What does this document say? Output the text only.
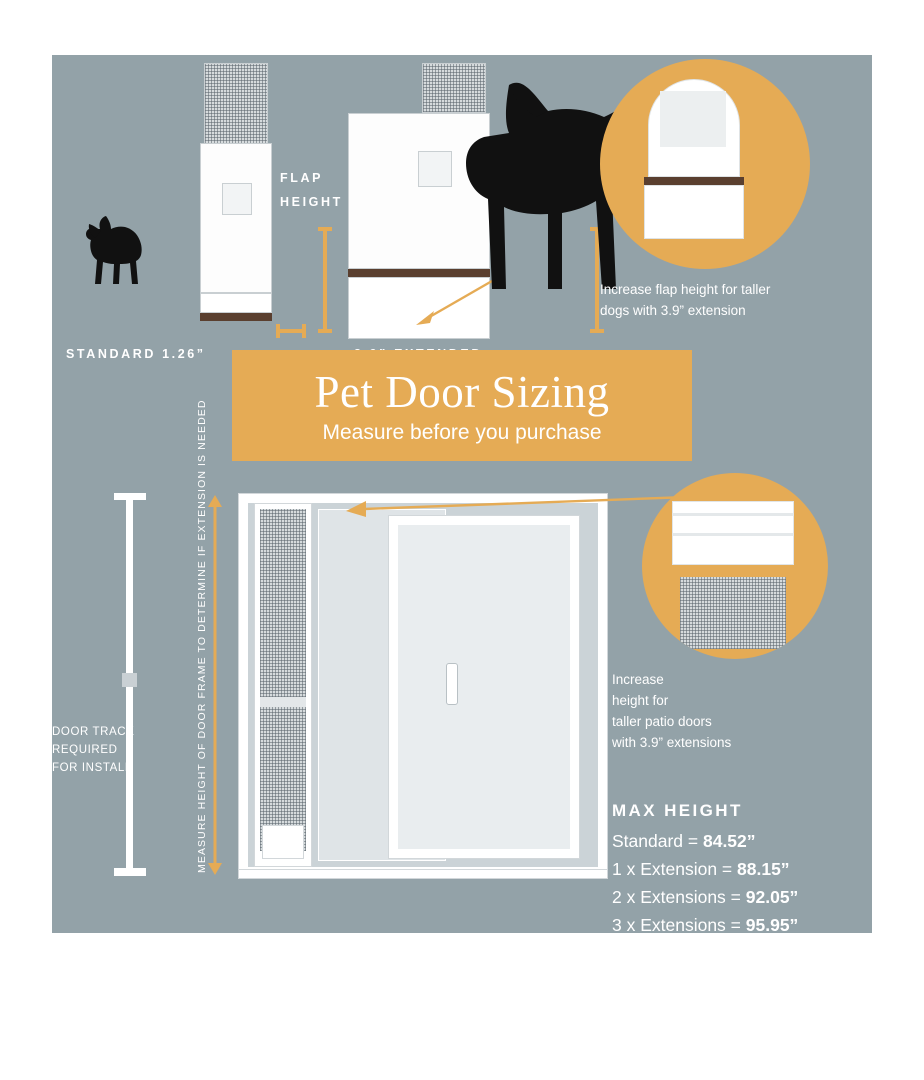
STANDARD 1.26”
FLAP
HEIGHT
Increase flap height for taller
dogs with 3.9” extension
Pet Door Sizing
Measure before you purchase
DOOR TRACK
REQUIRED
FOR INSTALL	MEASURE HEIGHT OF DOOR FRAME TO DETERMINE IF EXTENSION IS NEEDED	Increase
height for
taller patio doors
with 3.9” extensions
MAX HEIGHT
Standard = 84.52”
1 x Extension = 88.15”
2 x Extensions = 92.05”
3 x Extensions = 95.95”
Extensions sold separately
